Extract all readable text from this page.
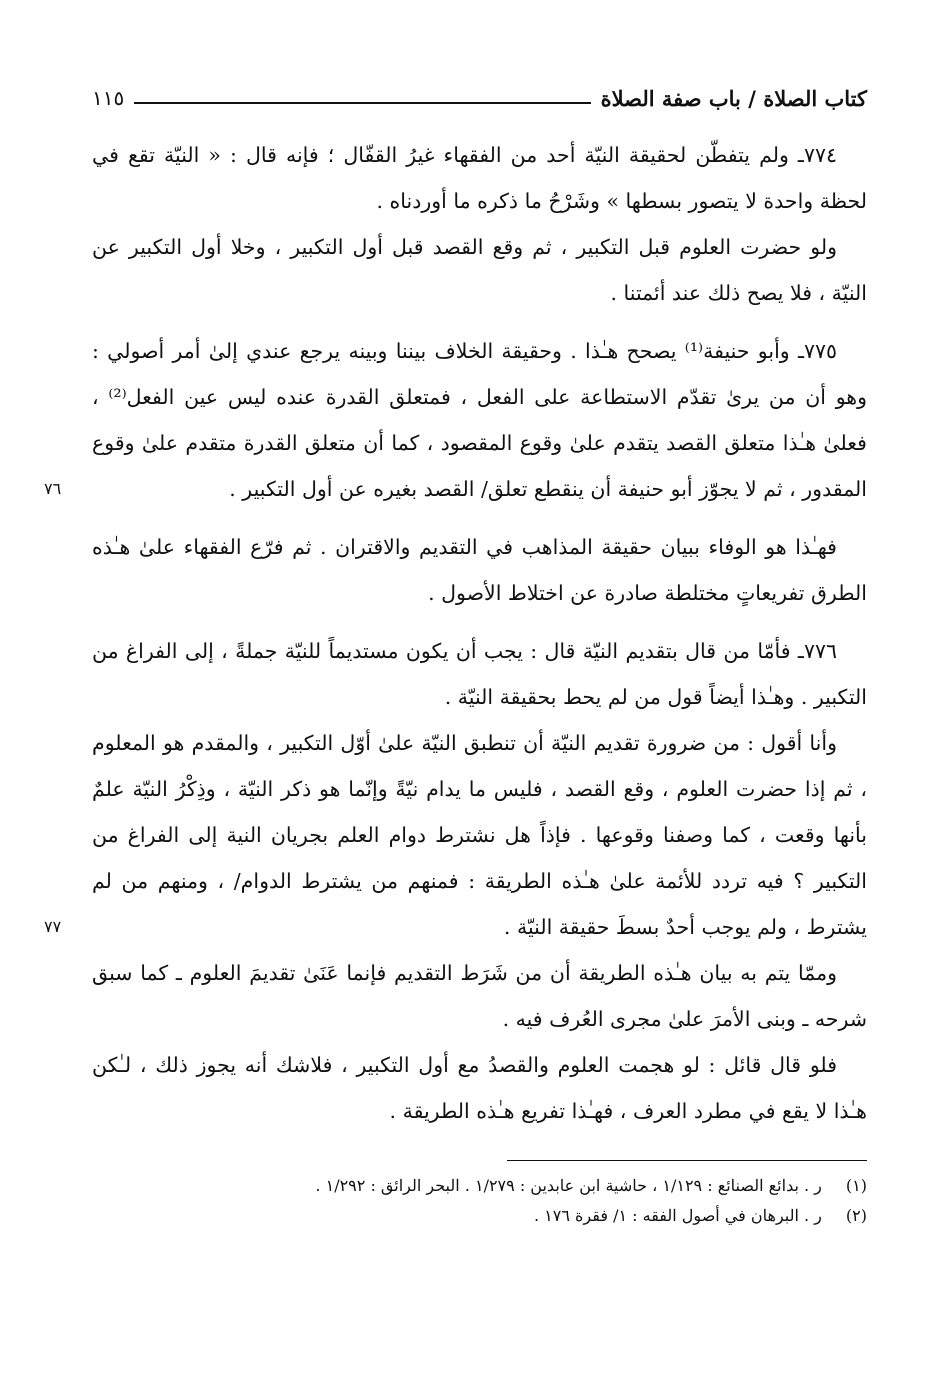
كتاب الصلاة / باب صفة الصلاة
١١٥

٧٧٤ـ ولم يتفطّن لحقيقة النيّة أحد من الفقهاء غيرُ القفّال ؛ فإنه قال : « النيّة تقع في لحظة واحدة لا يتصور بسطها » وشَرْحُ ما ذكره ما أوردناه .

ولو حضرت العلوم قبل التكبير ، ثم وقع القصد قبل أول التكبير ، وخلا أول التكبير عن النيّة ، فلا يصح ذلك عند أئمتنا .

٧٧٥ـ وأبو حنيفة⁽¹⁾ يصحح هـٰذا . وحقيقة الخلاف بيننا وبينه يرجع عندي إلىٰ أمر أصولي : وهو أن من يرىٰ تقدّم الاستطاعة على الفعل ، فمتعلق القدرة عنده ليس عين الفعل⁽²⁾ ، فعلىٰ هـٰذا متعلق القصد يتقدم علىٰ وقوع المقصود ، كما أن متعلق القدرة متقدم علىٰ وقوع المقدور ، ثم لا يجوّز أبو حنيفة أن ينقطع تعلق/ القصد بغيره عن أول التكبير .
٧٦

فهـٰذا هو الوفاء ببيان حقيقة المذاهب في التقديم والاقتران . ثم فرّع الفقهاء علىٰ هـٰذه الطرق تفريعاتٍ مختلطة صادرة عن اختلاط الأصول .

٧٧٦ـ فأمّا من قال بتقديم النيّة قال : يجب أن يكون مستديماً للنيّة جملةً ، إلى الفراغ من التكبير . وهـٰذا أيضاً قول من لم يحط بحقيقة النيّة .

وأنا أقول : من ضرورة تقديم النيّة أن تنطبق النيّة علىٰ أوّل التكبير ، والمقدم هو المعلوم ، ثم إذا حضرت العلوم ، وقع القصد ، فليس ما يدام نيّةً وإنّما هو ذكر النيّة ، وذِكْرُ النيّة علمٌ بأنها وقعت ، كما وصفنا وقوعها . فإذاً هل نشترط دوام العلم بجريان النية إلى الفراغ من التكبير ؟ فيه تردد للأئمة علىٰ هـٰذه الطريقة : فمنهم من يشترط الدوام/ ، ومنهم من لم يشترط ، ولم يوجب أحدٌ بسطَ حقيقة النيّة .
٧٧

وممّا يتم به بيان هـٰذه الطريقة أن من شَرَط التقديم فإنما عَنَىٰ تقديمَ العلوم ـ كما سبق شرحه ـ وبنى الأمرَ علىٰ مجرى العُرف فيه .

فلو قال قائل : لو هجمت العلوم والقصدُ مع أول التكبير ، فلاشك أنه يجوز ذلك ، لـٰكن هـٰذا لا يقع في مطرد العرف ، فهـٰذا تفريع هـٰذه الطريقة .

(١) ر . بدائع الصنائع : ١/١٢٩ ، حاشية ابن عابدين : ١/٢٧٩ . البحر الرائق : ١/٢٩٢ .
(٢) ر . البرهان في أصول الفقه : ١/ فقرة ١٧٦ .
